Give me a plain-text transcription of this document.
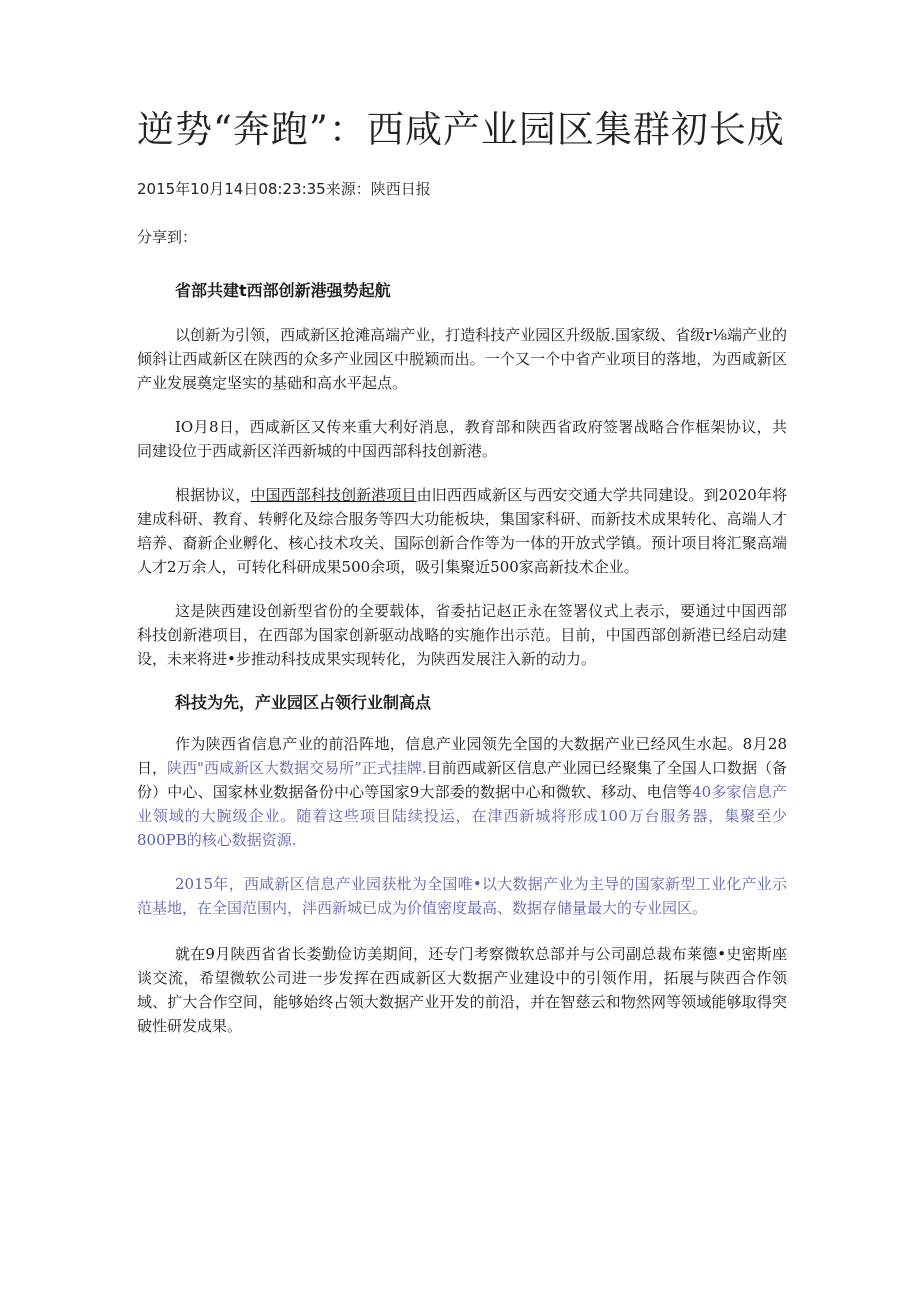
逆势“奔跑”：西咸产业园区集群初长成
2015年10月14日08:23:35来源：陕西日报
分享到：
省部共建t西部创新港强势起航

以创新为引领，西咸新区抢滩高端产业，打造科技产业园区升级版.国家级、省级r⅛端产业的倾斜让西咸新区在陕西的众多产业园区中脱颖而出。一个又一个中省产业项目的落地，为西咸新区产业发展奠定坚实的基础和高水平起点。

IO月8日，西咸新区又传来重大利好消息，教育部和陕西省政府签署战略合作框架协议，共同建设位于西咸新区洋西新城的中国西部科技创新港。

根据协议，中国西部科技创新港项目由旧西西咸新区与西安交通大学共同建设。到2020年将建成科研、教育、转孵化及综合服务等四大功能板块，集国家科研、而新技术成果转化、高端人才培养、裔新企业孵化、核心技术攻关、国际创新合作等为一体的开放式学镇。预计项目将汇聚高端人才2万余人，可转化科研成果500余项，吸引集聚近500家高新技术企业。

这是陕西建设创新型省份的全要载体，省委拈记赵正永在签署仪式上表示，要通过中国西部科技创新港项目，在西部为国家创新驱动战略的实施作出示范。目前，中国西部创新港已经启动建设，未来将进•步推动科技成果实现转化，为陕西发展注入新的动力。

科技为先，产业园区占领行业制高点

作为陕西省信息产业的前沿阵地，信息产业园领先全国的大数据产业已经风生水起。8月28日，陕西"西咸新区大数据交易所”正式挂牌.目前西咸新区信息产业园已经聚集了全国人口数据（备份）中心、国家林业数据备份中心等国家9大部委的数据中心和微软、移动、电信等40多家信息产业领域的大腕级企业。随着这些项目陆续投运，在津西新城将形成100万台服务器，集聚至少800PB的核心数据资源.

2015年，西咸新区信息产业园获枇为全国唯•以大数据产业为主导的国家新型工业化产业示范基地，在全国范围内，泮西新城已成为价值密度最高、数据存储量最大的专业园区。

就在9月陕西省省长娄勤俭访美期间，还专门考察微软总部并与公司副总裁布莱德•史密斯座谈交流，希望微软公司进一步发挥在西咸新区大数据产业建设中的引领作用，拓展与陕西合作领域、扩大合作空间，能够始终占领大数据产业开发的前沿，并在智慈云和物然网等领域能够取得突破性研发成果。
